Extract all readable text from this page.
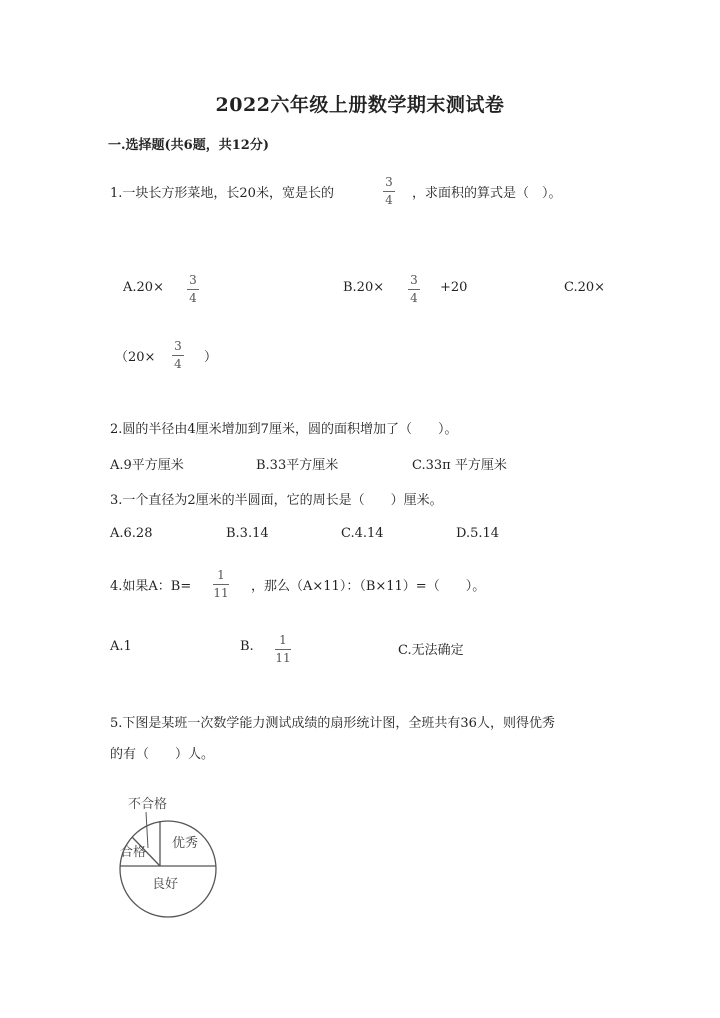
2022六年级上册数学期末测试卷
一.选择题(共6题，共12分)
1.一块长方形菜地，长20米，宽是长的
3
4 ，求面积的算式是（　）。
A.20× 3
4
B.20× 3
4
+20	C.20×
（20×
3
4 ）
2.圆的半径由4厘米增加到7厘米，圆的面积增加了（　　）。
A.9平方厘米	B.33平方厘米	C.33π 平方厘米
3.一个直径为2厘米的半圆面，它的周长是（　　）厘米。
A.6.28	B.3.14	C.4.14	D.5.14
4.如果A：B=
1
11 ，那么（A×11）：（B×11）=（　　）。
A.1	B. 1
11	C.无法确定
5.下图是某班一次数学能力测试成绩的扇形统计图，全班共有36人，则得优秀
的有（　　）人。
不合格
合格
优秀
良好
